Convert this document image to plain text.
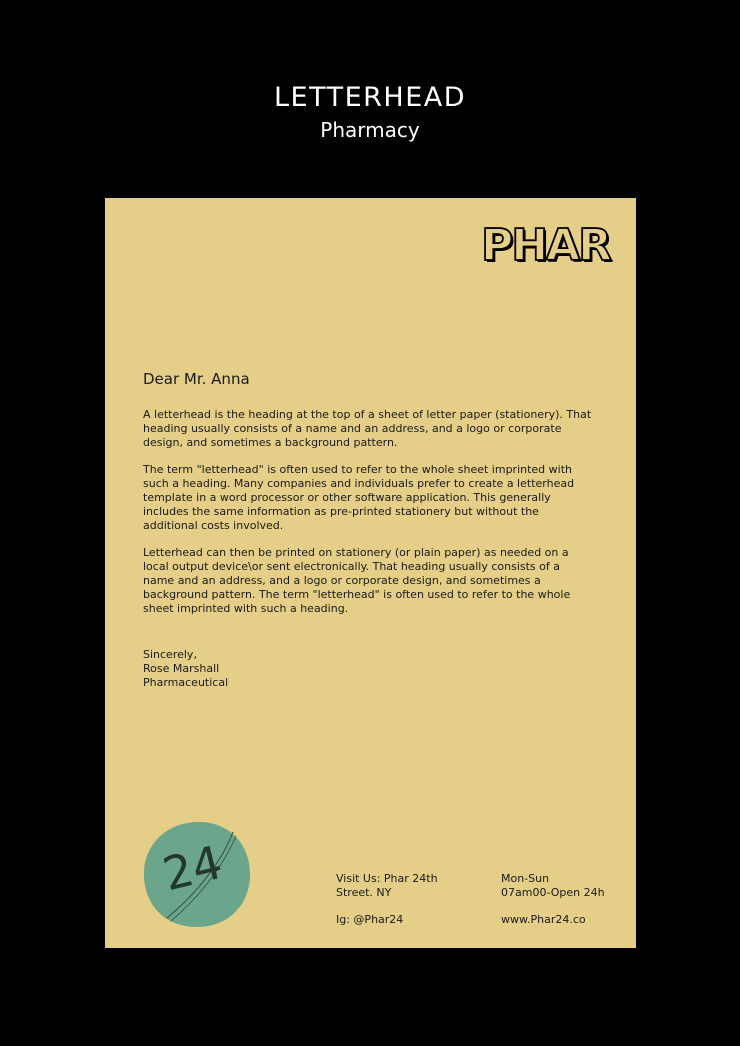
LETTERHEAD
Pharmacy
PHAR
Dear Mr. Anna

A letterhead is the heading at the top of a sheet of letter paper (stationery). That heading usually consists of a name and an address, and a logo or corporate design, and sometimes a background pattern.

The term "letterhead" is often used to refer to the whole sheet imprinted with such a heading. Many companies and individuals prefer to create a letterhead template in a word processor or other software application. This generally includes the same information as pre-printed stationery but without the additional costs involved.

Letterhead can then be printed on stationery (or plain paper) as needed on a local output device\or sent electronically. That heading usually consists of a name and an address, and a logo or corporate design, and sometimes a background pattern. The term "letterhead" is often used to refer to the whole sheet imprinted with such a heading.

Sincerely,
Rose Marshall
Pharmaceutical
24	Visit Us: Phar 24th
Street. NY
Mon-Sun
07am00-Open 24h
Ig: @Phar24	www.Phar24.co
